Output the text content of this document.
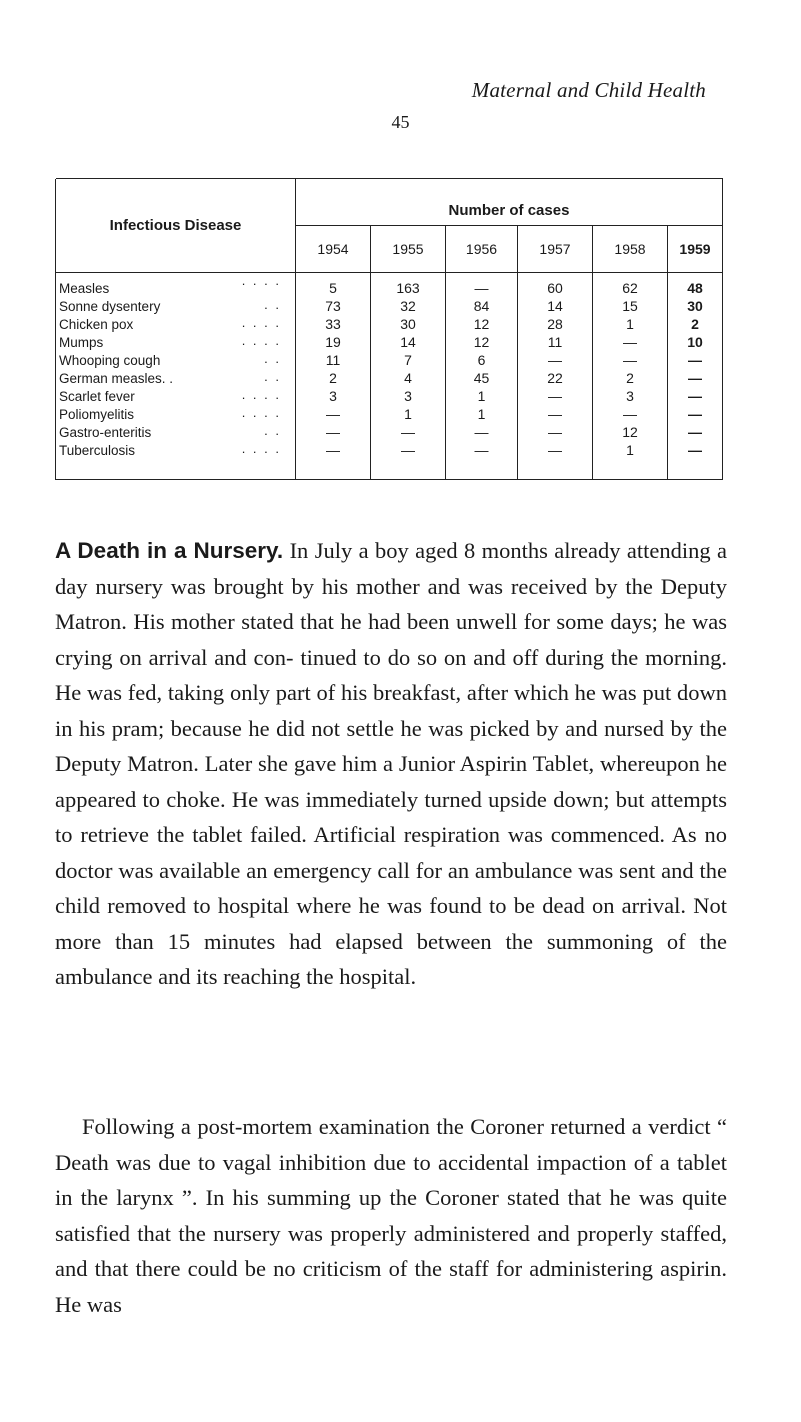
Maternal and Child Health
45

Infectious Disease	Number of cases					
	1954	1955	1956	1957	1958	1959
Measles . . . .	5	163	—	60	62	48
Sonne dysentery . .	73	32	84	14	15	30
Chicken pox . . . .	33	30	12	28	1	2
Mumps . . . .	19	14	12	11	—	10
Whooping cough . .	11	7	6	—	—	—
German measles. . . .	2	4	45	22	2	—
Scarlet fever . . . .	3	3	1	—	3	—
Poliomyelitis . . . .	—	1	1	—	—	—
Gastro-enteritis . .	—	—	—	—	12	—
Tuberculosis . . . .	—	—	—	—	1	—

A Death in a Nursery. In July a boy aged 8 months already attending a day nursery was brought by his mother and was received by the Deputy Matron. His mother stated that he had been unwell for some days; he was crying on arrival and con- tinued to do so on and off during the morning. He was fed, taking only part of his breakfast, after which he was put down in his pram; because he did not settle he was picked by and nursed by the Deputy Matron. Later she gave him a Junior Aspirin Tablet, whereupon he appeared to choke. He was immediately turned upside down; but attempts to retrieve the tablet failed. Artificial respiration was commenced. As no doctor was available an emergency call for an ambulance was sent and the child removed to hospital where he was found to be dead on arrival. Not more than 15 minutes had elapsed between the summoning of the ambulance and its reaching the hospital.

Following a post-mortem examination the Coroner returned a verdict “ Death was due to vagal inhibition due to accidental impaction of a tablet in the larynx ”. In his summing up the Coroner stated that he was quite satisfied that the nursery was properly administered and properly staffed, and that there could be no criticism of the staff for administering aspirin. He was
